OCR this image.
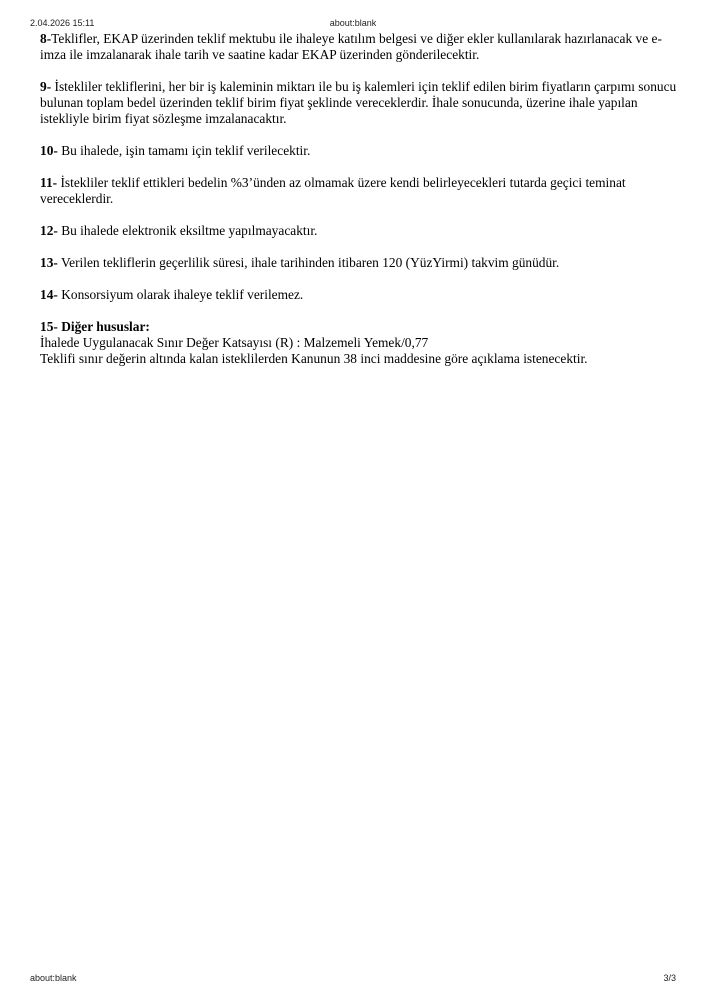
2.04.2026 15:11	about:blank

8-Teklifler, EKAP üzerinden teklif mektubu ile ihaleye katılım belgesi ve diğer ekler kullanılarak hazırlanacak ve e-imza ile imzalanarak ihale tarih ve saatine kadar EKAP üzerinden gönderilecektir.

9- İstekliler tekliflerini, her bir iş kaleminin miktarı ile bu iş kalemleri için teklif edilen birim fiyatların çarpımı sonucu bulunan toplam bedel üzerinden teklif birim fiyat şeklinde vereceklerdir. İhale sonucunda, üzerine ihale yapılan istekliyle birim fiyat sözleşme imzalanacaktır.

10- Bu ihalede, işin tamamı için teklif verilecektir.

11- İstekliler teklif ettikleri bedelin %3’ünden az olmamak üzere kendi belirleyecekleri tutarda geçici teminat vereceklerdir.

12- Bu ihalede elektronik eksiltme yapılmayacaktır.

13- Verilen tekliflerin geçerlilik süresi, ihale tarihinden itibaren 120 (YüzYirmi) takvim günüdür.

14- Konsorsiyum olarak ihaleye teklif verilemez.

15- Diğer hususlar:
İhalede Uygulanacak Sınır Değer Katsayısı (R) : Malzemeli Yemek/0,77
Teklifi sınır değerin altında kalan isteklilerden Kanunun 38 inci maddesine göre açıklama istenecektir.
about:blank	3/3
